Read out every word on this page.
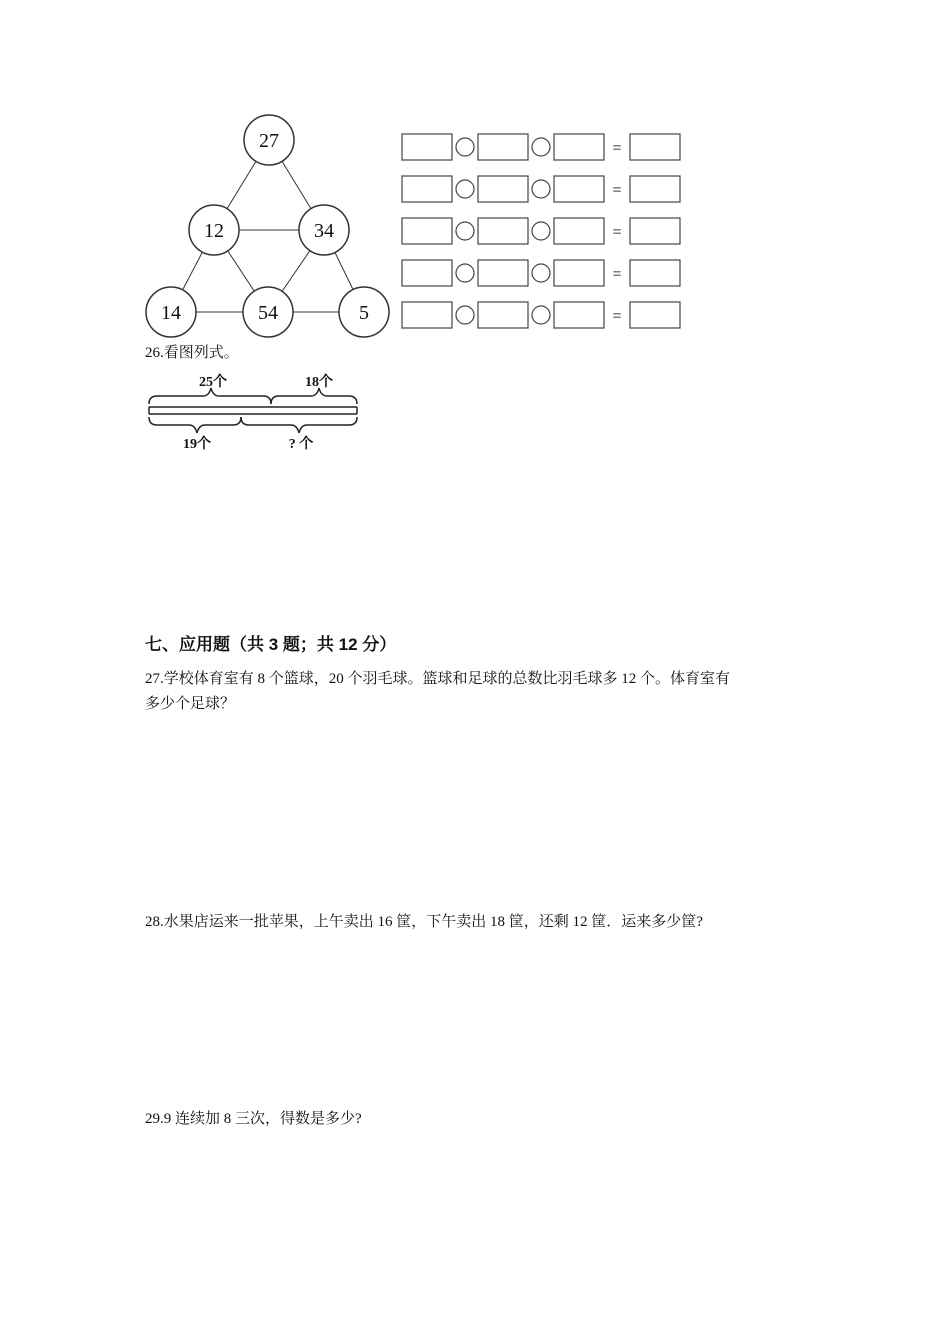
27
12	34
14	54	5
=
=
=
=
=
26.看图列式。
25个	18个
19个	? 个
七、应用题（共 3 题；共 12 分）
27.学校体育室有 8 个篮球，20 个羽毛球。篮球和足球的总数比羽毛球多 12 个。体育室有
多少个足球？
28.水果店运来一批苹果，上午卖出 16 筐，下午卖出 18 筐，还剩 12 筐．运来多少筐?
29.9 连续加 8 三次，得数是多少?
